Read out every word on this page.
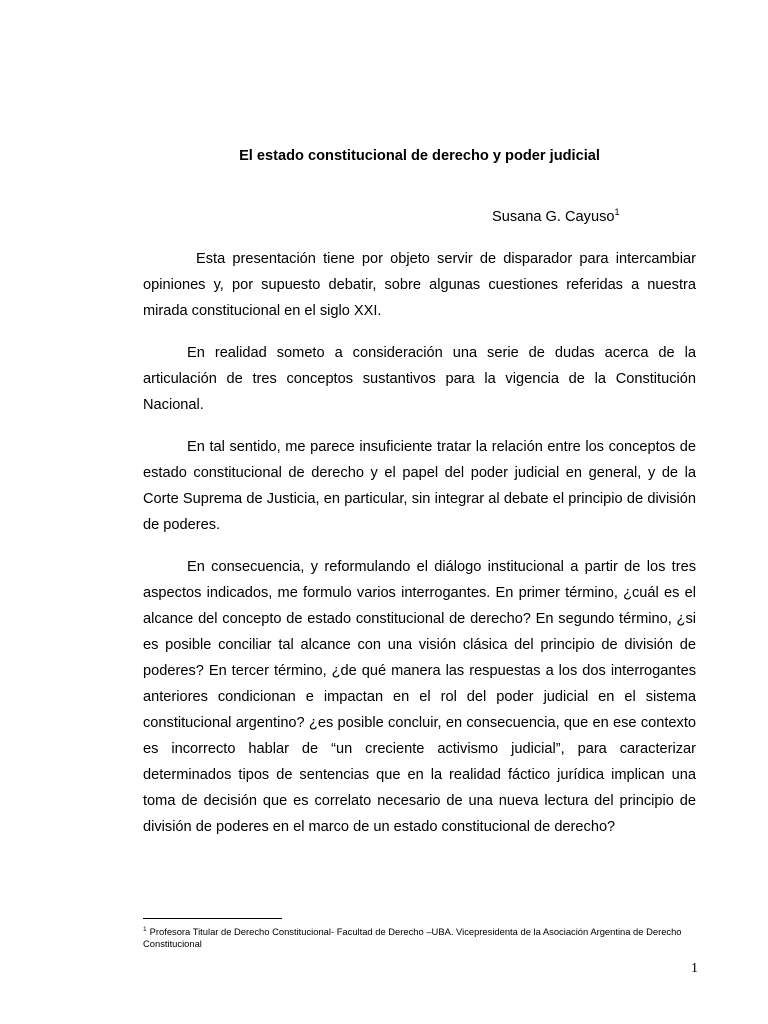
El estado constitucional de derecho y poder judicial
Susana G. Cayuso$^1$

Esta presentación tiene por objeto servir de disparador para intercambiar opiniones y, por supuesto debatir, sobre algunas cuestiones referidas a nuestra mirada constitucional en el siglo XXI.

En realidad someto a consideración una serie de dudas acerca de la articulación de tres conceptos sustantivos para la vigencia de la Constitución Nacional.

En tal sentido, me parece insuficiente tratar la relación entre los conceptos de estado constitucional de derecho y el papel del poder judicial en general, y de la Corte Suprema de Justicia, en particular, sin integrar al debate el principio de división de poderes.

En consecuencia, y reformulando el diálogo institucional a partir de los tres aspectos indicados, me formulo varios interrogantes. En primer término, ¿cuál es el alcance del concepto de estado constitucional de derecho? En segundo término, ¿si es posible conciliar tal alcance con una visión clásica del principio de división de poderes? En tercer término, ¿de qué manera las respuestas a los dos interrogantes anteriores condicionan e impactan en el rol del poder judicial en el sistema constitucional argentino? ¿es posible concluir, en consecuencia, que en ese contexto es incorrecto hablar de “un creciente activismo judicial”, para caracterizar determinados tipos de sentencias que en la realidad fáctico jurídica implican una toma de decisión que es correlato necesario de una nueva lectura del principio de división de poderes en el marco de un estado constitucional de derecho?

$^1$ Profesora Titular de Derecho Constitucional- Facultad de Derecho –UBA. Vicepresidenta de la Asociación Argentina de Derecho Constitucional
1
